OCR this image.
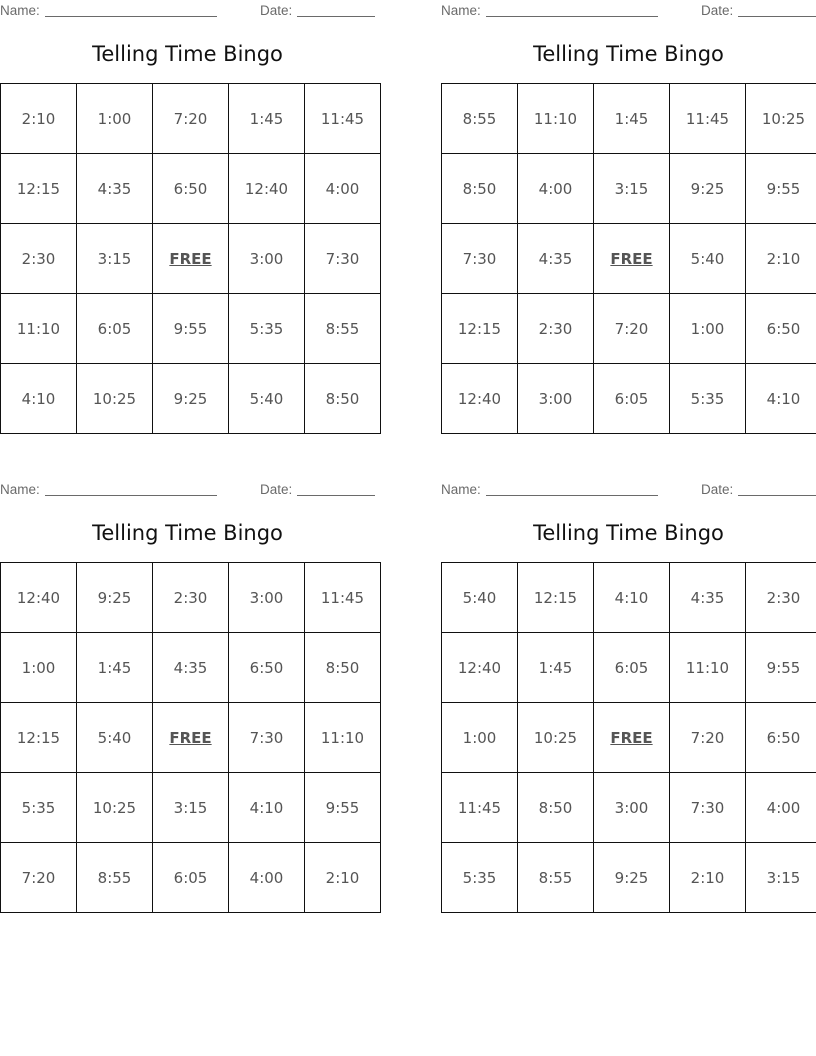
Name:	Date:
Telling Time Bingo
2:10	1:00	7:20	1:45	11:45
12:15	4:35	6:50	12:40	4:00
2:30	3:15	FREE	3:00	7:30
11:10	6:05	9:55	5:35	8:55
4:10	10:25	9:25	5:40	8:50
Name:	Date:
Telling Time Bingo
8:55	11:10	1:45	11:45	10:25
8:50	4:00	3:15	9:25	9:55
7:30	4:35	FREE	5:40	2:10
12:15	2:30	7:20	1:00	6:50
12:40	3:00	6:05	5:35	4:10
Name:	Date:
Telling Time Bingo
12:40	9:25	2:30	3:00	11:45
1:00	1:45	4:35	6:50	8:50
12:15	5:40	FREE	7:30	11:10
5:35	10:25	3:15	4:10	9:55
7:20	8:55	6:05	4:00	2:10
Name:	Date:
Telling Time Bingo
5:40	12:15	4:10	4:35	2:30
12:40	1:45	6:05	11:10	9:55
1:00	10:25	FREE	7:20	6:50
11:45	8:50	3:00	7:30	4:00
5:35	8:55	9:25	2:10	3:15
